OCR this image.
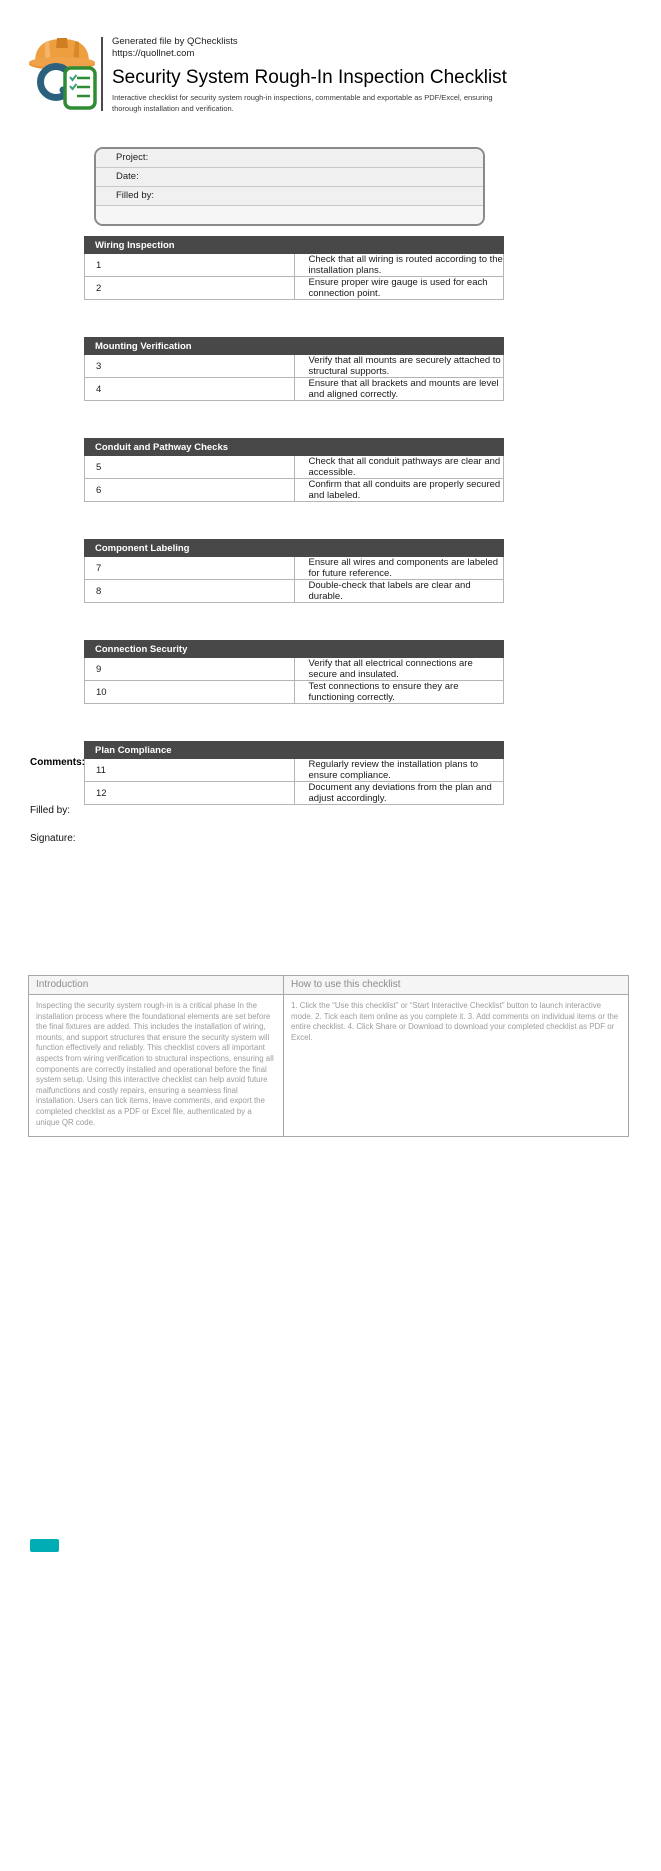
Generated file by QChecklists
https://quollnet.com
Security System Rough-In Inspection Checklist

Interactive checklist for security system rough-in inspections, commentable and exportable as PDF/Excel, ensuring thorough installation and verification.

Project:
Date:
Filled by:
Wiring Inspection	
1	Check that all wiring is routed according to the installation plans.
2	Ensure proper wire gauge is used for each connection point.
Mounting Verification	
3	Verify that all mounts are securely attached to structural supports.
4	Ensure that all brackets and mounts are level and aligned correctly.
Conduit and Pathway Checks	
5	Check that all conduit pathways are clear and accessible.
6	Confirm that all conduits are properly secured and labeled.
Component Labeling	
7	Ensure all wires and components are labeled for future reference.
8	Double-check that labels are clear and durable.
Connection Security	
9	Verify that all electrical connections are secure and insulated.
10	Test connections to ensure they are functioning correctly.
Plan Compliance	
11	Regularly review the installation plans to ensure compliance.
12	Document any deviations from the plan and adjust accordingly.
Comments:
Filled by:
Signature:
Introduction
Inspecting the security system rough-in is a critical phase in the installation process where the foundational elements are set before the final fixtures are added. This includes the installation of wiring, mounts, and support structures that ensure the security system will function effectively and reliably. This checklist covers all important aspects from wiring verification to structural inspections, ensuring all components are correctly installed and operational before the final system setup. Using this interactive checklist can help avoid future malfunctions and costly repairs, ensuring a seamless final installation. Users can tick items, leave comments, and export the completed checklist as a PDF or Excel file, authenticated by a unique QR code.
How to use this checklist
1. Click the “Use this checklist” or “Start Interactive Checklist” button to launch interactive mode. 2. Tick each item online as you complete it. 3. Add comments on individual items or the entire checklist. 4. Click Share or Download to download your completed checklist as PDF or Excel.
